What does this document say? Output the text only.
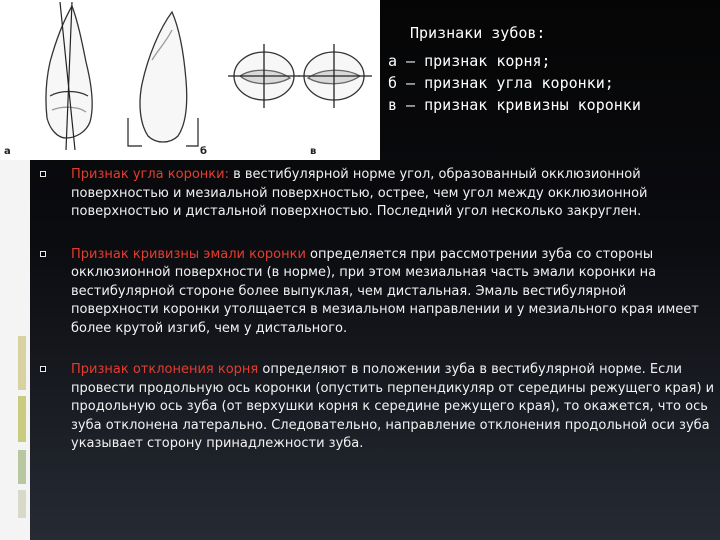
а	б	в
Признаки зубов:
а – признак корня;
б – признак угла коронки;
в – признак кривизны коронки
Признак угла коронки: в вестибулярной норме угол, образованный окклюзионной поверхностью и мезиальной поверхностью, острее, чем угол между окклюзионной поверхностью и дистальной поверхностью. Последний угол несколько закруглен.
Признак кривизны эмали коронки определяется при рассмотрении зуба со стороны окклюзионной поверхности (в норме), при этом мезиальная часть эмали коронки на вестибулярной стороне более выпуклая, чем дистальная. Эмаль вестибулярной поверхности коронки утолщается в мезиальном направлении и у мезиального края имеет более крутой изгиб, чем у дистального.
Признак отклонения корня определяют в положении зуба в вестибулярной норме. Если провести продольную ось коронки (опустить перпендикуляр от середины режущего края) и продольную ось зуба (от верхушки корня к середине режущего края), то окажется, что ось зуба отклонена латерально. Следовательно, направление отклонения продольной оси зуба указывает сторону принадлежности зуба.
